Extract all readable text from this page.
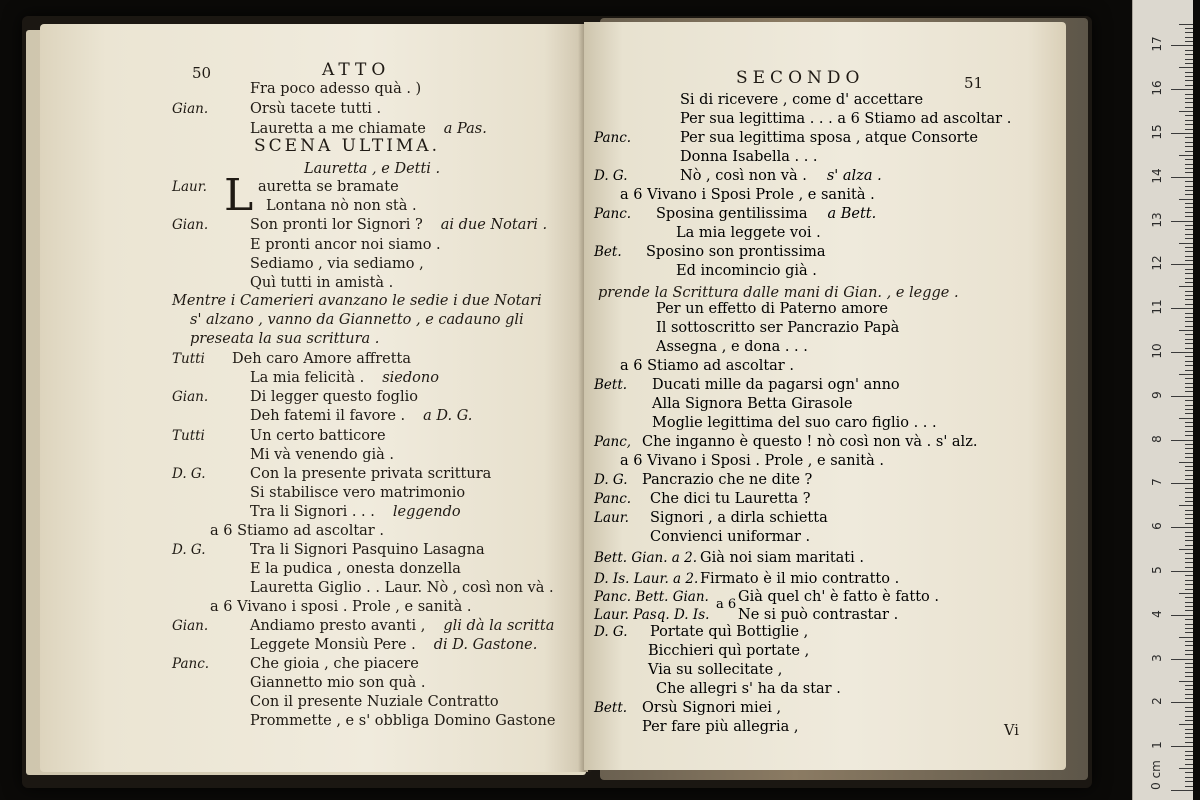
50	ATTO
SCENA ULTIMA.
Lauretta , e Detti .
L
Fra poco adesso quà . )
Gian.	Orsù tacete tutti .
Lauretta a me chiamate a Pas.
Laur.	auretta se bramate
Lontana nò non stà .
Gian.	Son pronti lor Signori ? ai due Notari .
E pronti ancor noi siamo .
Sediamo , via sediamo ,
Quì tutti in amistà .
Tutti Deh caro Amore affretta
La mia felicità . siedono
Gian.	Di legger questo foglio
Deh fatemi il favore . a D. G.
Tutti	Un certo batticore
Mi và venendo già .
D. G.	Con la presente privata scrittura
Si stabilisce vero matrimonio
Tra li Signori . . . leggendo
a 6 Stiamo ad ascoltar .
D. G.	Tra li Signori Pasquino Lasagna
E la pudica , onesta donzella
Lauretta Giglio . . Laur. Nò , così non và .
a 6 Vivano i sposi . Prole , e sanità .
Gian.	Andiamo presto avanti , gli dà la scritta
Leggete Monsiù Pere . di D. Gastone.
Panc.	Che gioia , che piacere
Giannetto mio son quà .
Con il presente Nuziale Contratto
Prommette , e s' obbliga Domino Gastone
Mentre i Camerieri avanzano le sedie i due Notari
s' alzano , vanno da Giannetto , e cadauno gli
preseata la sua scrittura .
SECONDO	51
prende la Scrittura dalle mani di Gian. , e legge .
Vi
Si di ricevere , come d' accettare
Per sua legittima . . . a 6 Stiamo ad ascoltar .
Panc.	Per sua legittima sposa , atque Consorte
Donna Isabella . . .
D. G.	Nò , così non và . s' alza .
a 6 Vivano i Sposi Prole , e sanità .
Panc. Sposina gentilissima a Bett.
La mia leggete voi .
Bet. Sposino son prontissima
Ed incomincio già .
Per un effetto di Paterno amore
Il sottoscritto ser Pancrazio Papà
Assegna , e dona . . .
a 6 Stiamo ad ascoltar .
Bett. Ducati mille da pagarsi ogn' anno
Alla Signora Betta Girasole
Moglie legittima del suo caro figlio . . .
Panc, Che inganno è questo ! nò così non và . s' alz.
a 6 Vivano i Sposi . Prole , e sanità .
D. G. Pancrazio che ne dite ?
Panc. Che dici tu Lauretta ?
Laur. Signori , a dirla schietta
Convienci uniformar .
Bett. Gian. a 2. Già noi siam maritati .
D. Is. Laur. a 2. Firmato è il mio contratto .
Panc. Bett. Gian. Già quel ch' è fatto è fatto .
Laur. Pasq. D. Is. Ne si può contrastar .
D. G. Portate quì Bottiglie ,
Bicchieri quì portate ,
Via su sollecitate ,
Che allegri s' ha da star .
Bett. Orsù Signori miei ,
Per fare più allegria ,
a 6
0 cm
1
2
3
4
5
6
7
8
9
10
11
12
13
14
15
16
17
